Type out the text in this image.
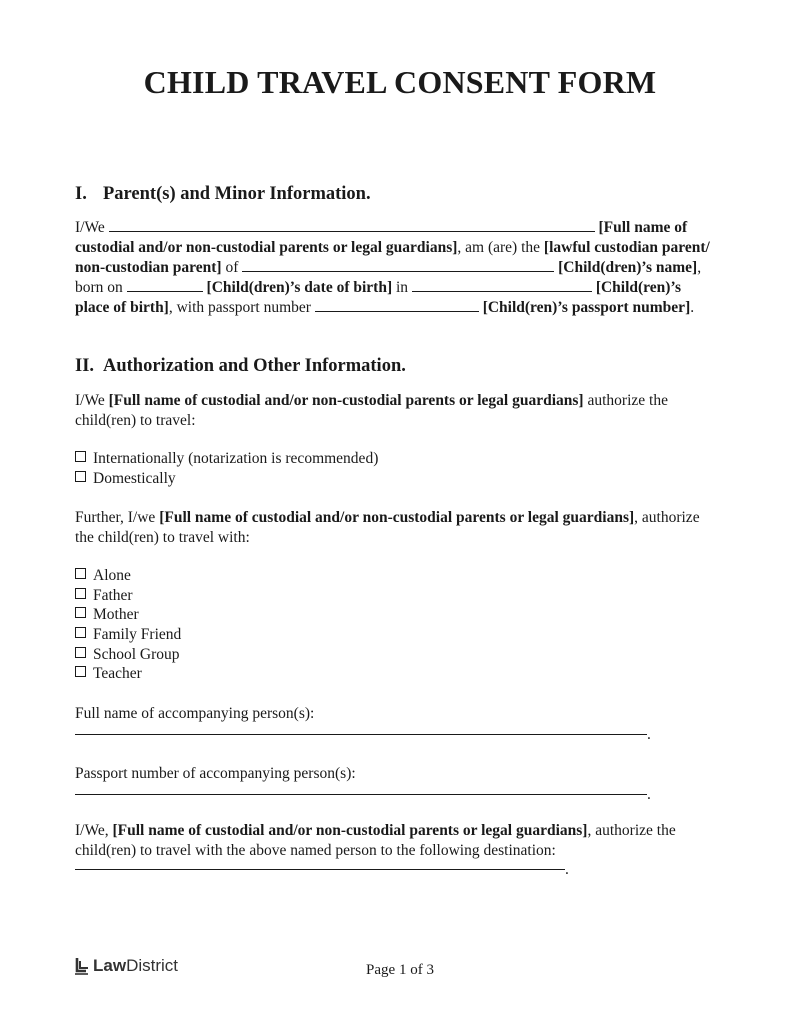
CHILD TRAVEL CONSENT FORM
I. Parent(s) and Minor Information.
I/We	[Full name of
custodial and/or non-custodial parents or legal guardians], am (are) the [lawful custodian parent/
non-custodian parent] of	[Child(dren)’s name],
born on	[Child(dren)’s date of birth] in	[Child(ren)’s
place of birth], with passport number	[Child(ren)’s passport number].
II. Authorization and Other Information.
I/We [Full name of custodial and/or non-custodial parents or legal guardians] authorize the
child(ren) to travel:
Internationally (notarization is recommended)
Domestically
Further, I/we [Full name of custodial and/or non-custodial parents or legal guardians], authorize
the child(ren) to travel with:
Alone
Father
Mother
Family Friend
School Group
Teacher
Full name of accompanying person(s):
.
Passport number of accompanying person(s):
.
I/We, [Full name of custodial and/or non-custodial parents or legal guardians], authorize the
child(ren) to travel with the above named person to the following destination:
.
Law District	Page 1 of 3
